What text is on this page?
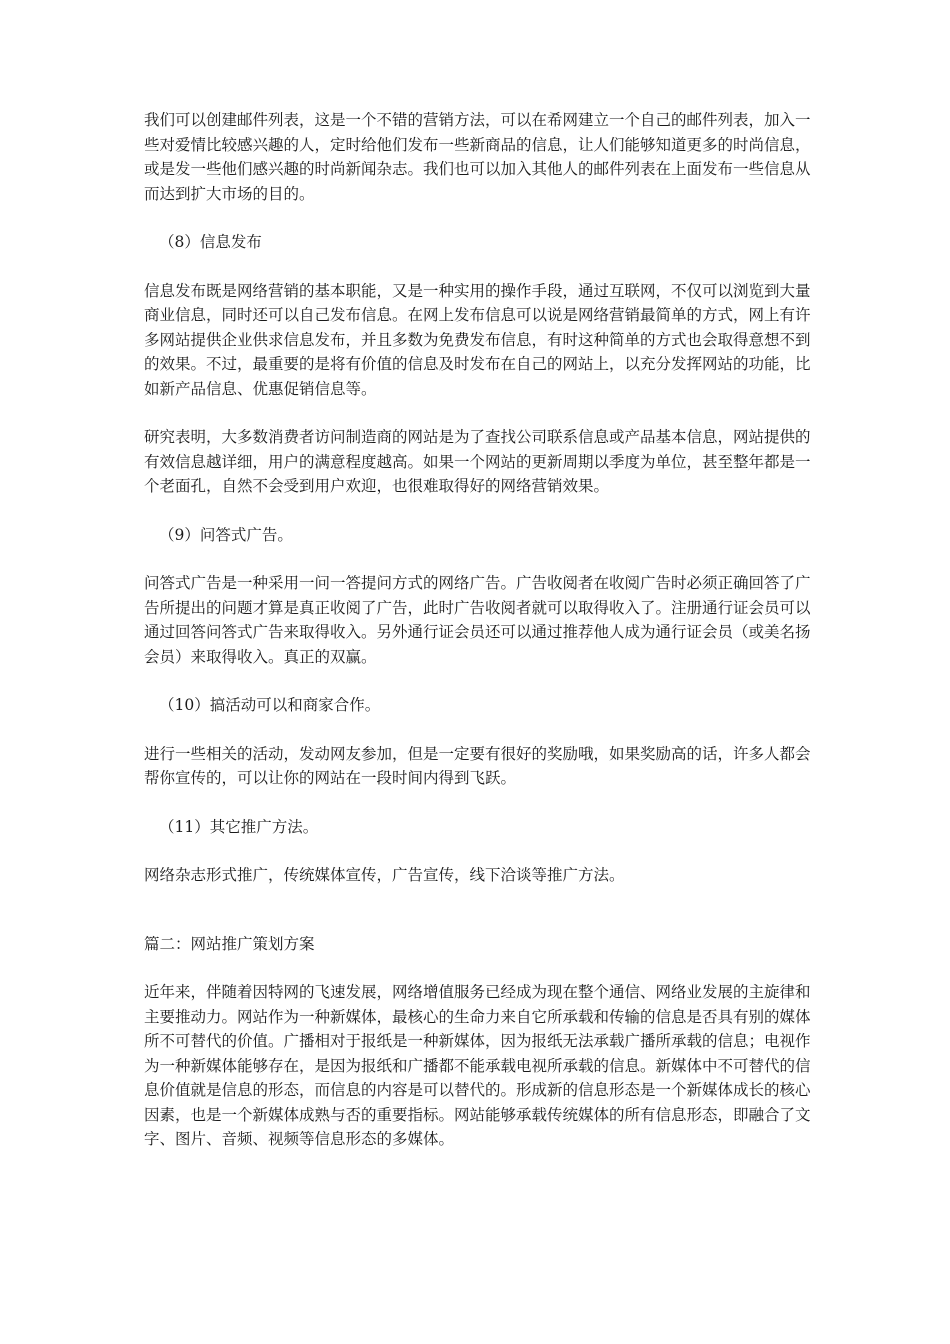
我们可以创建邮件列表，这是一个不错的营销方法，可以在希网建立一个自己的邮件列表，加入一些对爱情比较感兴趣的人，定时给他们发布一些新商品的信息，让人们能够知道更多的时尚信息，或是发一些他们感兴趣的时尚新闻杂志。我们也可以加入其他人的邮件列表在上面发布一些信息从而达到扩大市场的目的。

（8）信息发布

信息发布既是网络营销的基本职能，又是一种实用的操作手段，通过互联网，不仅可以浏览到大量商业信息，同时还可以自己发布信息。在网上发布信息可以说是网络营销最简单的方式，网上有许多网站提供企业供求信息发布，并且多数为免费发布信息，有时这种简单的方式也会取得意想不到的效果。不过，最重要的是将有价值的信息及时发布在自己的网站上，以充分发挥网站的功能，比如新产品信息、优惠促销信息等。

研究表明，大多数消费者访问制造商的网站是为了查找公司联系信息或产品基本信息，网站提供的有效信息越详细，用户的满意程度越高。如果一个网站的更新周期以季度为单位，甚至整年都是一个老面孔，自然不会受到用户欢迎，也很难取得好的网络营销效果。

（9）问答式广告。

问答式广告是一种采用一问一答提问方式的网络广告。广告收阅者在收阅广告时必须正确回答了广告所提出的问题才算是真正收阅了广告，此时广告收阅者就可以取得收入了。注册通行证会员可以通过回答问答式广告来取得收入。另外通行证会员还可以通过推荐他人成为通行证会员（或美名扬会员）来取得收入。真正的双赢。

（10）搞活动可以和商家合作。

进行一些相关的活动，发动网友参加，但是一定要有很好的奖励哦，如果奖励高的话，许多人都会帮你宣传的，可以让你的网站在一段时间内得到飞跃。

（11）其它推广方法。

网络杂志形式推广，传统媒体宣传，广告宣传，线下洽谈等推广方法。

篇二：网站推广策划方案

近年来，伴随着因特网的飞速发展，网络增值服务已经成为现在整个通信、网络业发展的主旋律和主要推动力。网站作为一种新媒体，最核心的生命力来自它所承载和传输的信息是否具有别的媒体所不可替代的价值。广播相对于报纸是一种新媒体，因为报纸无法承载广播所承载的信息；电视作为一种新媒体能够存在，是因为报纸和广播都不能承载电视所承载的信息。新媒体中不可替代的信息价值就是信息的形态，而信息的内容是可以替代的。形成新的信息形态是一个新媒体成长的核心因素，也是一个新媒体成熟与否的重要指标。网站能够承载传统媒体的所有信息形态，即融合了文字、图片、音频、视频等信息形态的多媒体。
